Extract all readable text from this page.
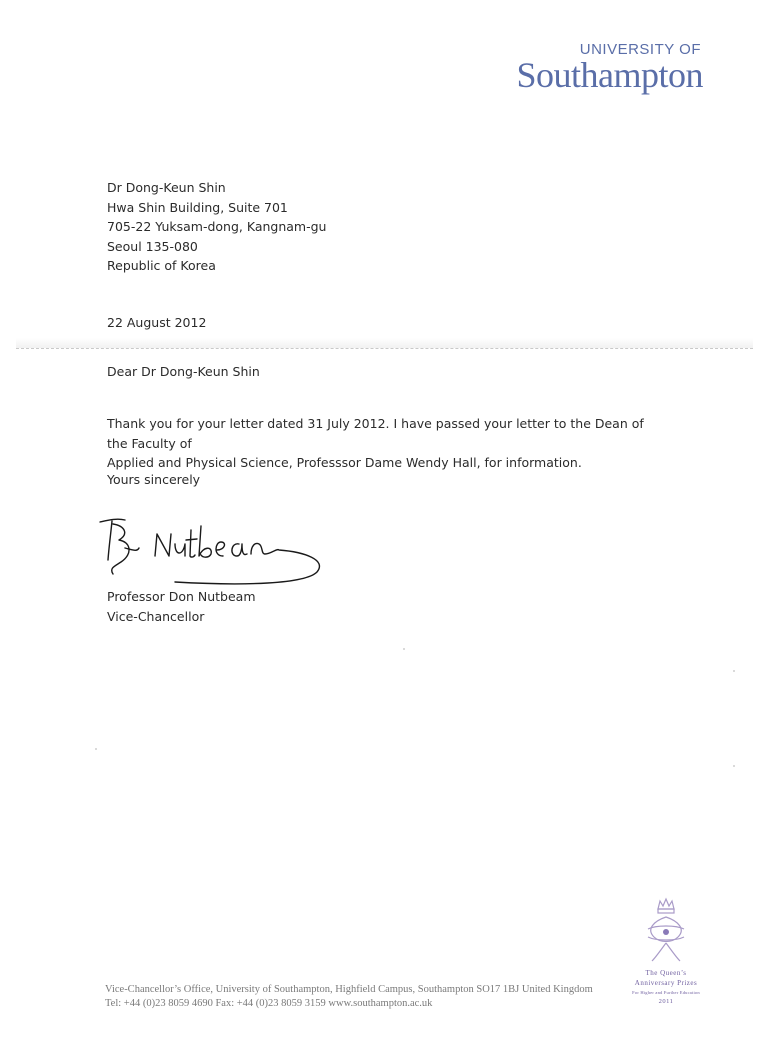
UNIVERSITY OF
Southampton
Dr Dong-Keun Shin
Hwa Shin Building, Suite 701
705-22 Yuksam-dong, Kangnam-gu
Seoul 135-080
Republic of Korea
22 August 2012
Dear Dr Dong-Keun Shin
Thank you for your letter dated 31 July 2012. I have passed your letter to the Dean of the Faculty of
Applied and Physical Science, Professsor Dame Wendy Hall, for information.
Yours sincerely
Professor Don Nutbeam
Vice-Chancellor
Vice-Chancellor’s Office, University of Southampton, Highfield Campus, Southampton SO17 1BJ United Kingdom
Tel: +44 (0)23 8059 4690 Fax: +44 (0)23 8059 3159 www.southampton.ac.uk
The Queen’s
Anniversary Prizes
For Higher and Further Education
2011
